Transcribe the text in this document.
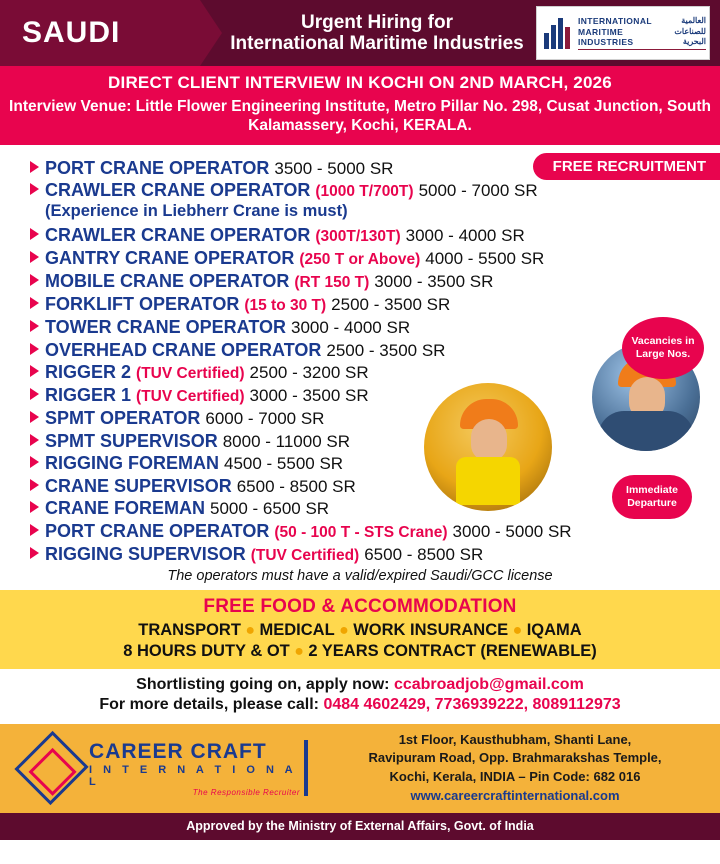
SAUDI	Urgent Hiring for
International Maritime Industries
INTERNATIONAL	العالمية
MARITIME	للصناعات
INDUSTRIES	البحرية
DIRECT CLIENT INTERVIEW IN KOCHI ON 2ND MARCH, 2026
Interview Venue: Little Flower Engineering Institute, Metro Pillar No. 298, Cusat Junction, South Kalamassery, Kochi, KERALA.
FREE RECRUITMENT
Vacancies in Large Nos.
Immediate Departure
PORT CRANE OPERATOR 3500 - 5000 SR
CRAWLER CRANE OPERATOR (1000 T/700T) 5000 - 7000 SR
(Experience in Liebherr Crane is must)
CRAWLER CRANE OPERATOR (300T/130T) 3000 - 4000 SR
GANTRY CRANE OPERATOR (250 T or Above) 4000 - 5500 SR
MOBILE CRANE OPERATOR (RT 150 T) 3000 - 3500 SR
FORKLIFT OPERATOR (15 to 30 T) 2500 - 3500 SR
TOWER CRANE OPERATOR 3000 - 4000 SR
OVERHEAD CRANE OPERATOR 2500 - 3500 SR
RIGGER 2 (TUV Certified) 2500 - 3200 SR
RIGGER 1 (TUV Certified) 3000 - 3500 SR
SPMT OPERATOR 6000 - 7000 SR
SPMT SUPERVISOR 8000 - 11000 SR
RIGGING FOREMAN 4500 - 5500 SR
CRANE SUPERVISOR 6500 - 8500 SR
CRANE FOREMAN 5000 - 6500 SR
PORT CRANE OPERATOR (50 - 100 T - STS Crane) 3000 - 5000 SR
RIGGING SUPERVISOR (TUV Certified) 6500 - 8500 SR
The operators must have a valid/expired Saudi/GCC license
FREE FOOD & ACCOMMODATION
TRANSPORT ● MEDICAL ● WORK INSURANCE ● IQAMA
8 HOURS DUTY & OT ● 2 YEARS CONTRACT (RENEWABLE)
Shortlisting going on, apply now: ccabroadjob@gmail.com
For more details, please call: 0484 4602429, 7736939222, 8089112973
CAREER CRAFT
I N T E R N A T I O N A L
The Responsible Recruiter
1st Floor, Kausthubham, Shanti Lane,
Ravipuram Road, Opp. Brahmarakshas Temple,
Kochi, Kerala, INDIA – Pin Code: 682 016
www.careercraftinternational.com
Approved by the Ministry of External Affairs, Govt. of India
